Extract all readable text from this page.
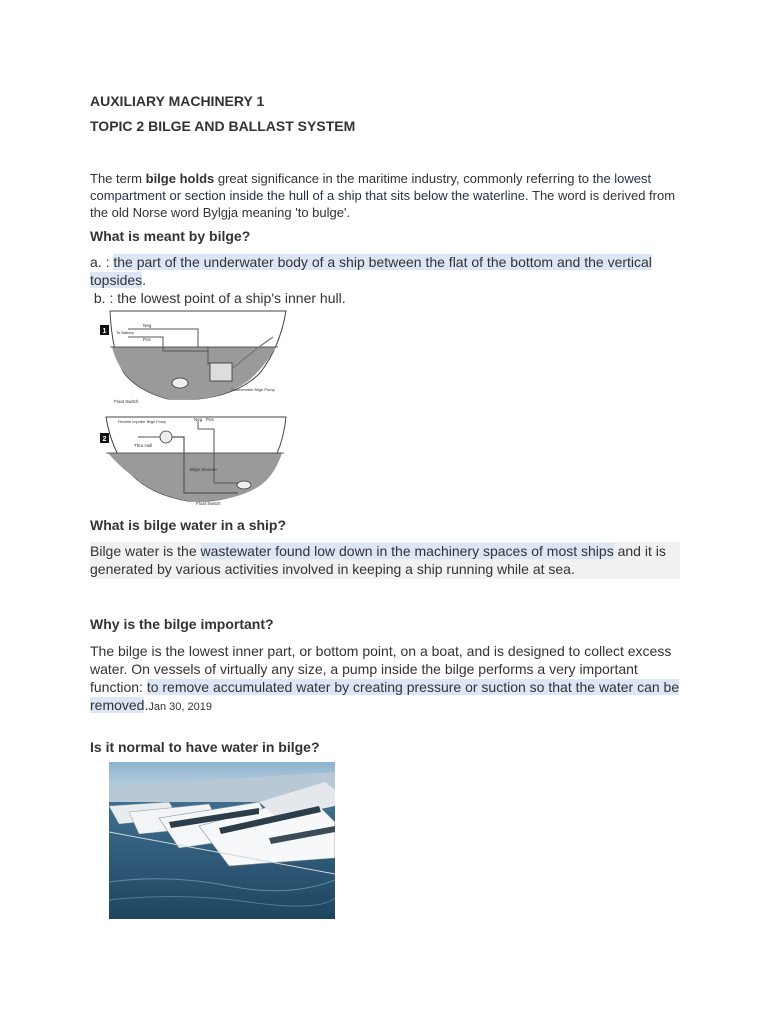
AUXILIARY MACHINERY 1
TOPIC 2 BILGE AND BALLAST SYSTEM
The term bilge holds great significance in the maritime industry, commonly referring to the lowest compartment or section inside the hull of a ship that sits below the waterline. The word is derived from the old Norse word Bylgja meaning 'to bulge'.
What is meant by bilge?
a. : the part of the underwater body of a ship between the flat of the bottom and the vertical topsides.
b. : the lowest point of a ship's inner hull.
What is bilge water in a ship?
Bilge water is the wastewater found low down in the machinery spaces of most ships and it is generated by various activities involved in keeping a ship running while at sea.
Why is the bilge important?
The bilge is the lowest inner part, or bottom point, on a boat, and is designed to collect excess water. On vessels of virtually any size, a pump inside the bilge performs a very important function: to remove accumulated water by creating pressure or suction so that the water can be removed.Jan 30, 2019
Is it normal to have water in bilge?
1
Neg
To Battery
Pos
Submersible Bilge Pump
Float Switch
2
Flexible Impeller Bilge Pump	Neg Pos
Thru Hull
Bilge Strainer
Float Switch
